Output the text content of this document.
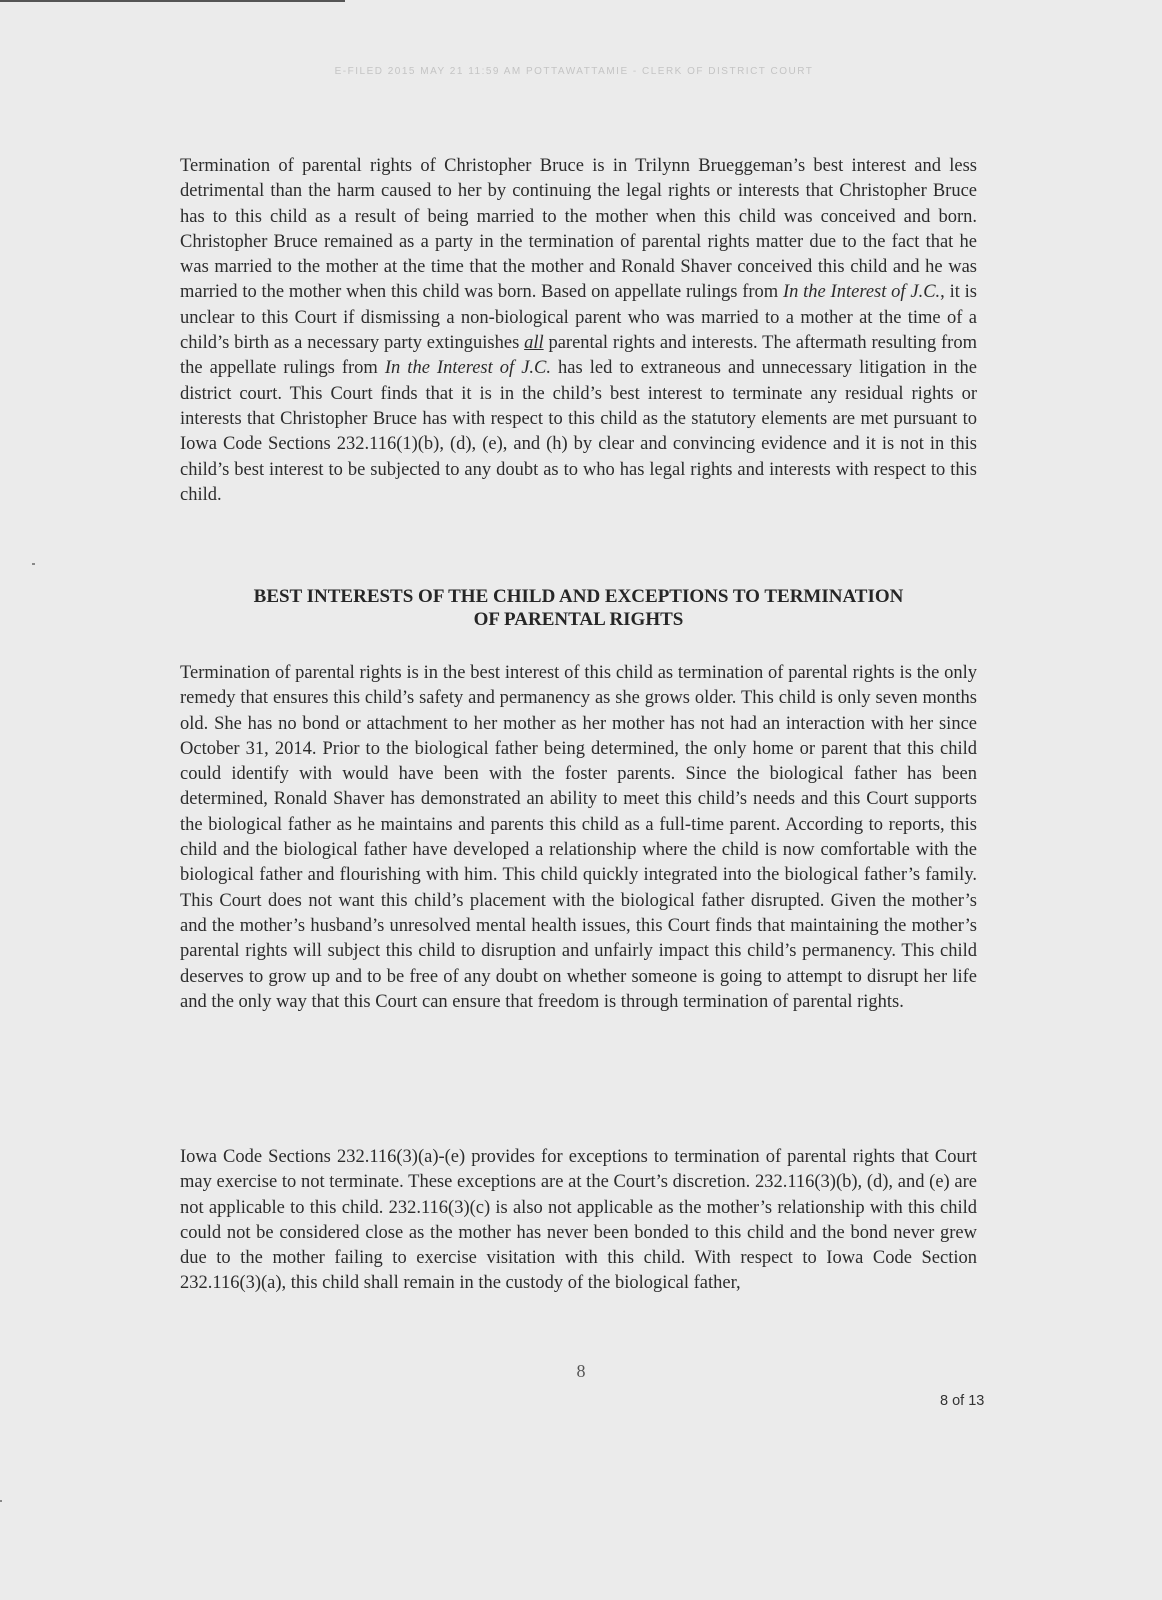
E-FILED 2015 MAY 21 11:59 AM POTTAWATTAMIE - CLERK OF DISTRICT COURT
Termination of parental rights of Christopher Bruce is in Trilynn Brueggeman’s best interest and less detrimental than the harm caused to her by continuing the legal rights or interests that Christopher Bruce has to this child as a result of being married to the mother when this child was conceived and born. Christopher Bruce remained as a party in the termination of parental rights matter due to the fact that he was married to the mother at the time that the mother and Ronald Shaver conceived this child and he was married to the mother when this child was born. Based on appellate rulings from In the Interest of J.C., it is unclear to this Court if dismissing a non-biological parent who was married to a mother at the time of a child’s birth as a necessary party extinguishes all parental rights and interests. The aftermath resulting from the appellate rulings from In the Interest of J.C. has led to extraneous and unnecessary litigation in the district court. This Court finds that it is in the child’s best interest to terminate any residual rights or interests that Christopher Bruce has with respect to this child as the statutory elements are met pursuant to Iowa Code Sections 232.116(1)(b), (d), (e), and (h) by clear and convincing evidence and it is not in this child’s best interest to be subjected to any doubt as to who has legal rights and interests with respect to this child.
BEST INTERESTS OF THE CHILD AND EXCEPTIONS TO TERMINATION
OF PARENTAL RIGHTS
Termination of parental rights is in the best interest of this child as termination of parental rights is the only remedy that ensures this child’s safety and permanency as she grows older. This child is only seven months old. She has no bond or attachment to her mother as her mother has not had an interaction with her since October 31, 2014. Prior to the biological father being determined, the only home or parent that this child could identify with would have been with the foster parents. Since the biological father has been determined, Ronald Shaver has demonstrated an ability to meet this child’s needs and this Court supports the biological father as he maintains and parents this child as a full-time parent. According to reports, this child and the biological father have developed a relationship where the child is now comfortable with the biological father and flourishing with him. This child quickly integrated into the biological father’s family. This Court does not want this child’s placement with the biological father disrupted. Given the mother’s and the mother’s husband’s unresolved mental health issues, this Court finds that maintaining the mother’s parental rights will subject this child to disruption and unfairly impact this child’s permanency. This child deserves to grow up and to be free of any doubt on whether someone is going to attempt to disrupt her life and the only way that this Court can ensure that freedom is through termination of parental rights.
Iowa Code Sections 232.116(3)(a)-(e) provides for exceptions to termination of parental rights that Court may exercise to not terminate. These exceptions are at the Court’s discretion. 232.116(3)(b), (d), and (e) are not applicable to this child. 232.116(3)(c) is also not applicable as the mother’s relationship with this child could not be considered close as the mother has never been bonded to this child and the bond never grew due to the mother failing to exercise visitation with this child. With respect to Iowa Code Section 232.116(3)(a), this child shall remain in the custody of the biological father,
8
8 of 13
